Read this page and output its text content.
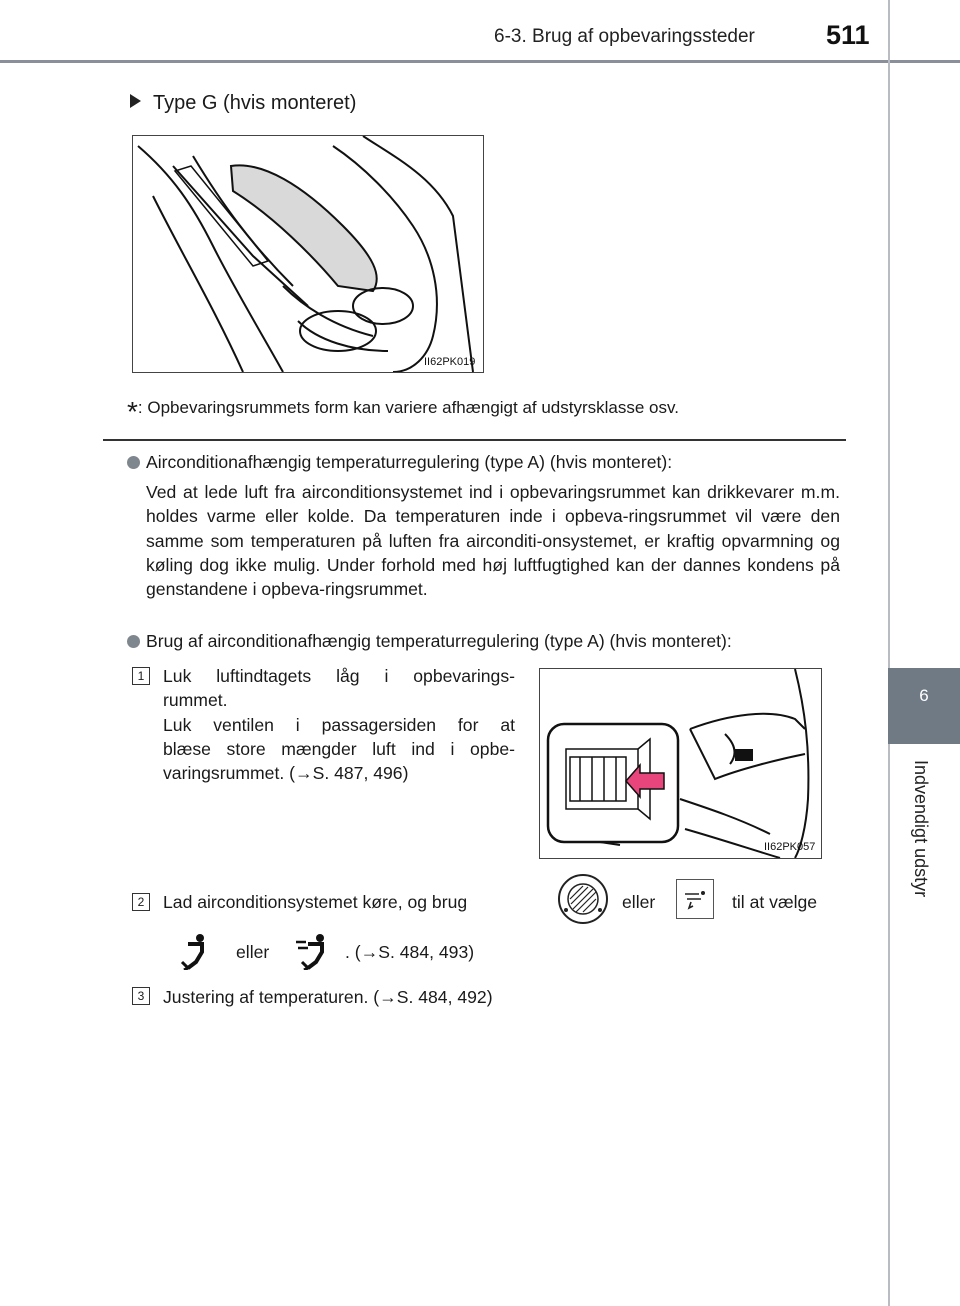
6-3. Brug af opbevaringssteder	511
6
Indvendigt udstyr
Type G (hvis monteret)
II62PK019
*: Opbevaringsrummets form kan variere afhængigt af udstyrsklasse osv.
Airconditionafhængig temperaturregulering (type A) (hvis monteret):
Ved at lede luft fra airconditionsystemet ind i opbevaringsrummet kan drikkevarer m.m. holdes varme eller kolde. Da temperaturen inde i opbeva-ringsrummet vil være den samme som temperaturen på luften fra airconditi-onsystemet, er kraftig opvarmning og køling dog ikke mulig. Under forhold med høj luftfugtighed kan der dannes kondens på genstandene i opbeva-ringsrummet.
Brug af airconditionafhængig temperaturregulering (type A) (hvis monteret):
1	Luk luftindtagets låg i opbevarings-
rummet.
Luk ventilen i passagersiden for at
blæse store mængder luft ind i opbe-
varingsrummet. (→S. 487, 496)
II62PK057
2	Lad airconditionsystemet køre, og brug	eller	til at vælge
eller	. (→S. 484, 493)
3	Justering af temperaturen. (→S. 484, 492)
